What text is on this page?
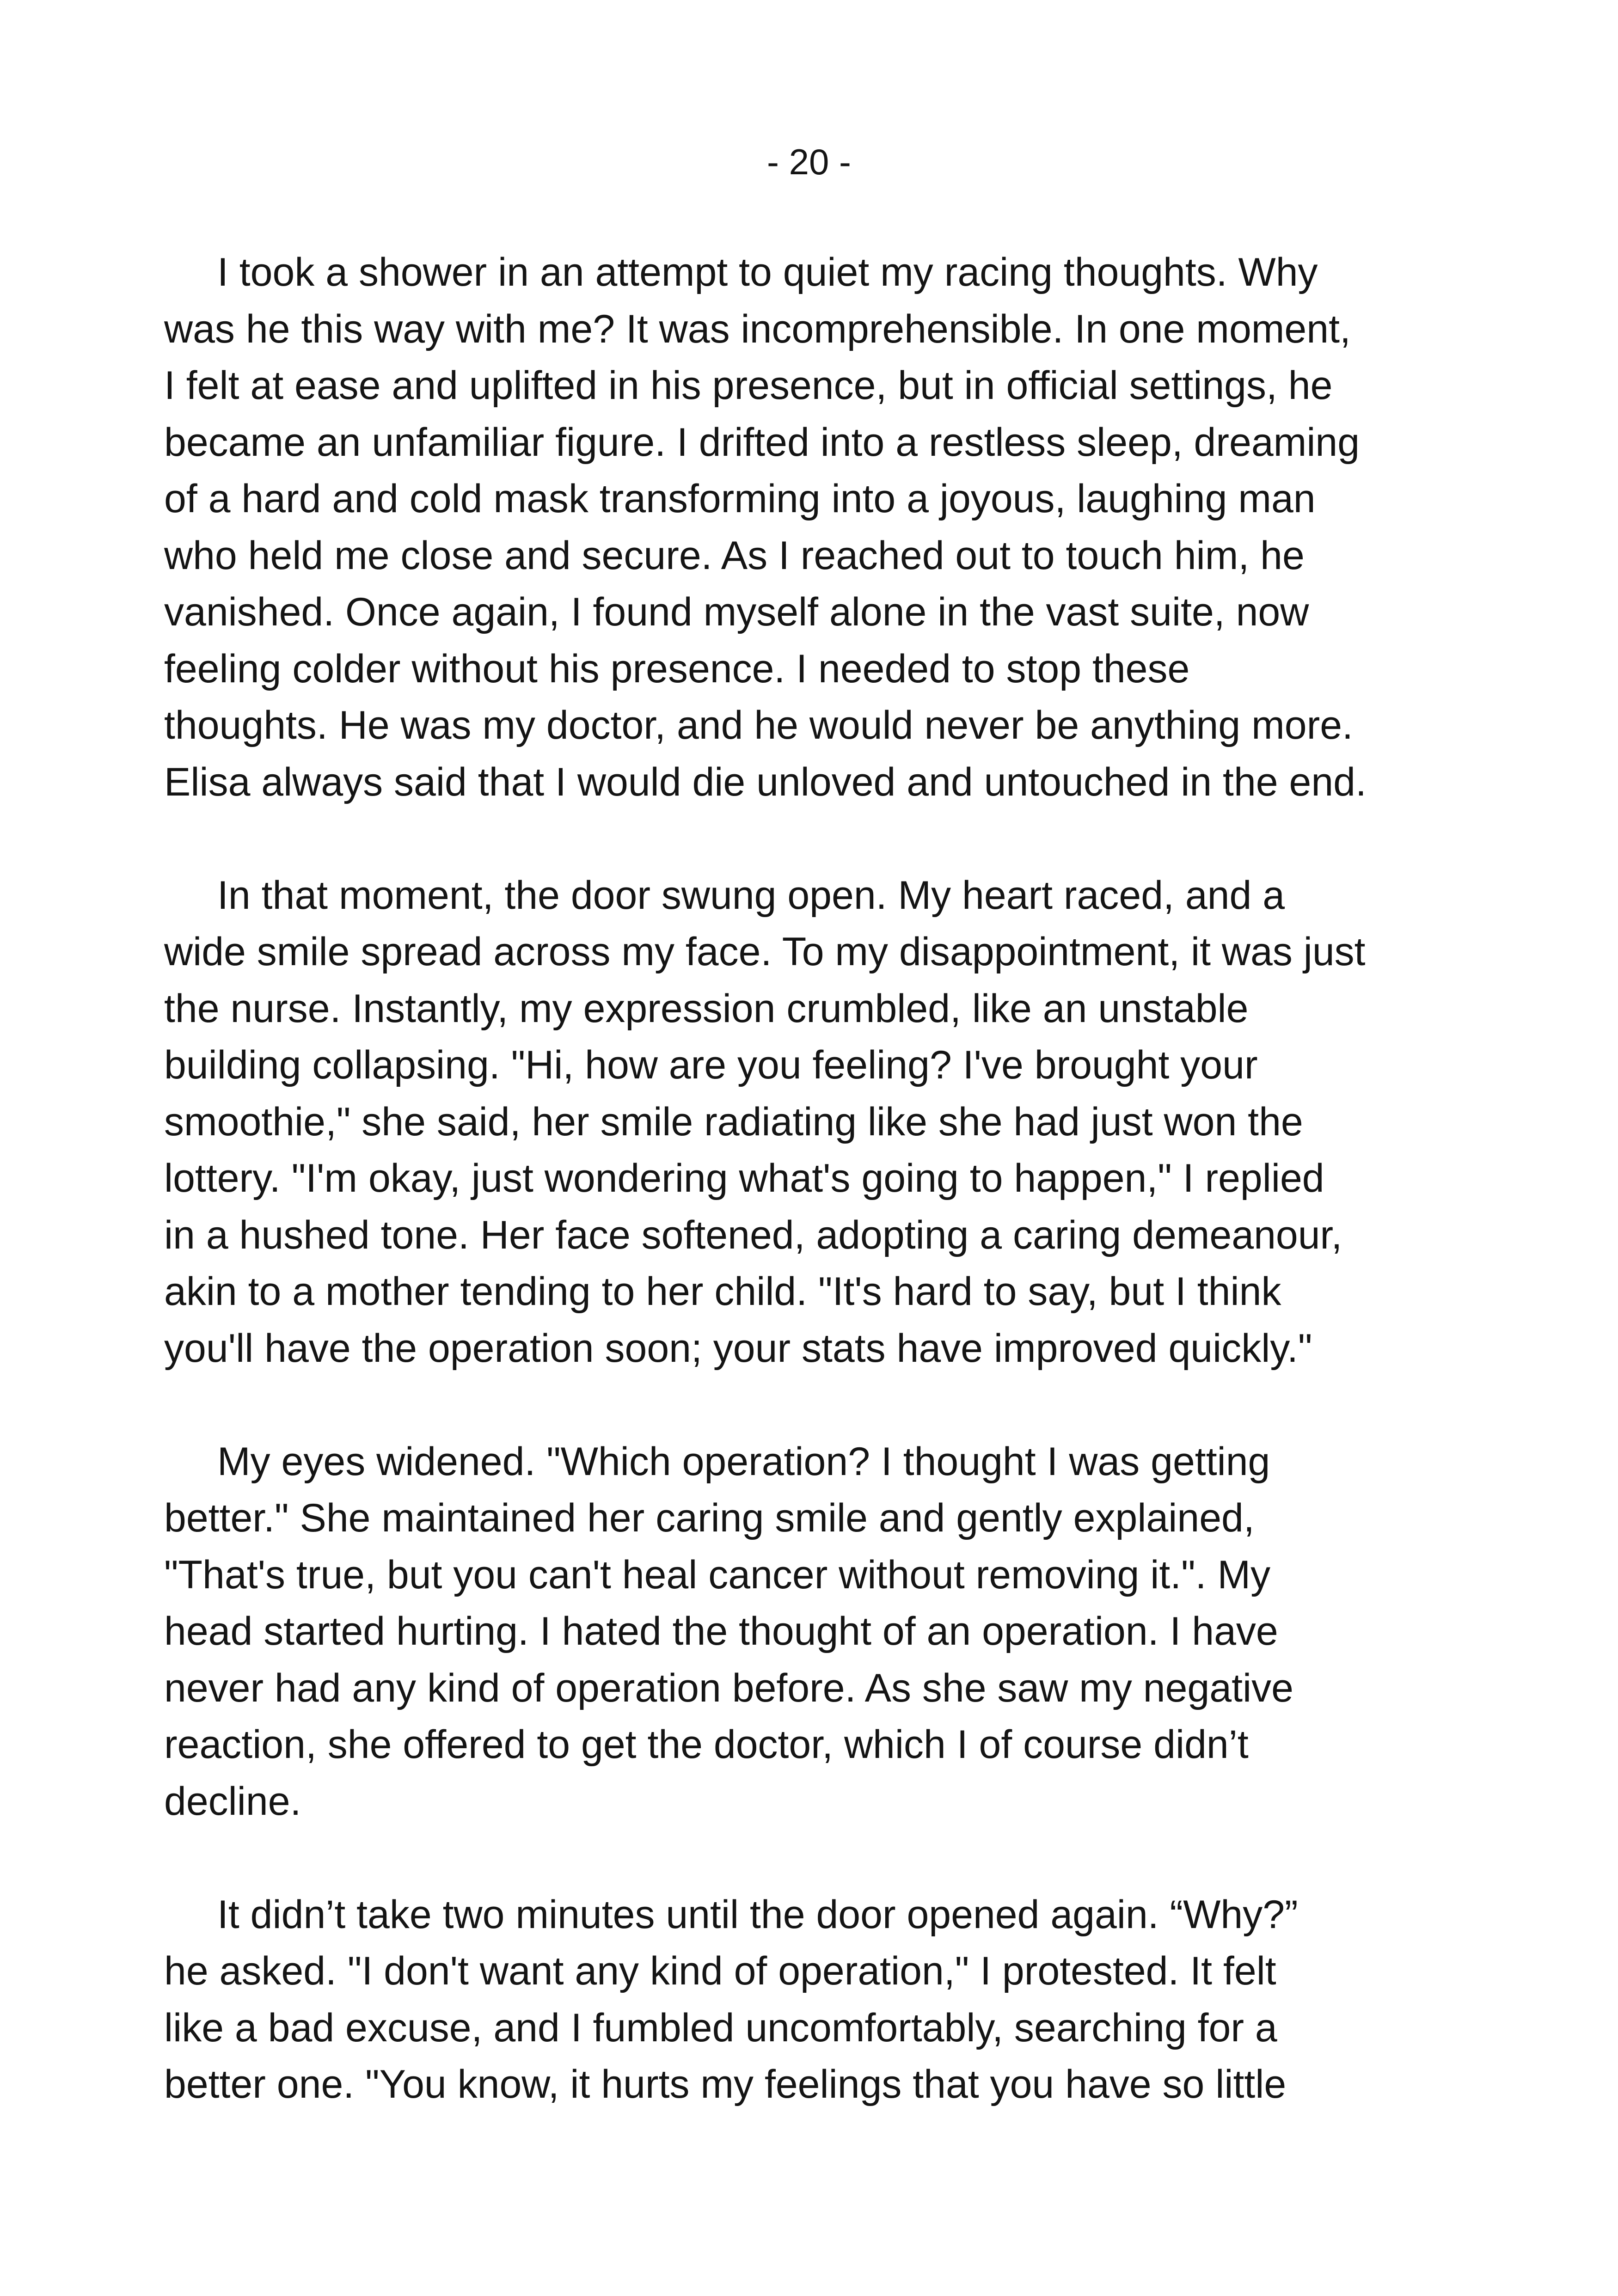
- 20 -
I took a shower in an attempt to quiet my racing thoughts. Why
was he this way with me? It was incomprehensible. In one moment,
I felt at ease and uplifted in his presence, but in official settings, he
became an unfamiliar figure. I drifted into a restless sleep, dreaming
of a hard and cold mask transforming into a joyous, laughing man
who held me close and secure. As I reached out to touch him, he
vanished. Once again, I found myself alone in the vast suite, now
feeling colder without his presence. I needed to stop these
thoughts. He was my doctor, and he would never be anything more.
Elisa always said that I would die unloved and untouched in the end.
In that moment, the door swung open. My heart raced, and a
wide smile spread across my face. To my disappointment, it was just
the nurse. Instantly, my expression crumbled, like an unstable
building collapsing. "Hi, how are you feeling? I've brought your
smoothie," she said, her smile radiating like she had just won the
lottery. "I'm okay, just wondering what's going to happen," I replied
in a hushed tone. Her face softened, adopting a caring demeanour,
akin to a mother tending to her child. "It's hard to say, but I think
you'll have the operation soon; your stats have improved quickly."
My eyes widened. "Which operation? I thought I was getting
better." She maintained her caring smile and gently explained,
"That's true, but you can't heal cancer without removing it.". My
head started hurting. I hated the thought of an operation. I have
never had any kind of operation before. As she saw my negative
reaction, she offered to get the doctor, which I of course didn’t
decline.
It didn’t take two minutes until the door opened again. “Why?”
he asked. "I don't want any kind of operation," I protested. It felt
like a bad excuse, and I fumbled uncomfortably, searching for a
better one. "You know, it hurts my feelings that you have so little
